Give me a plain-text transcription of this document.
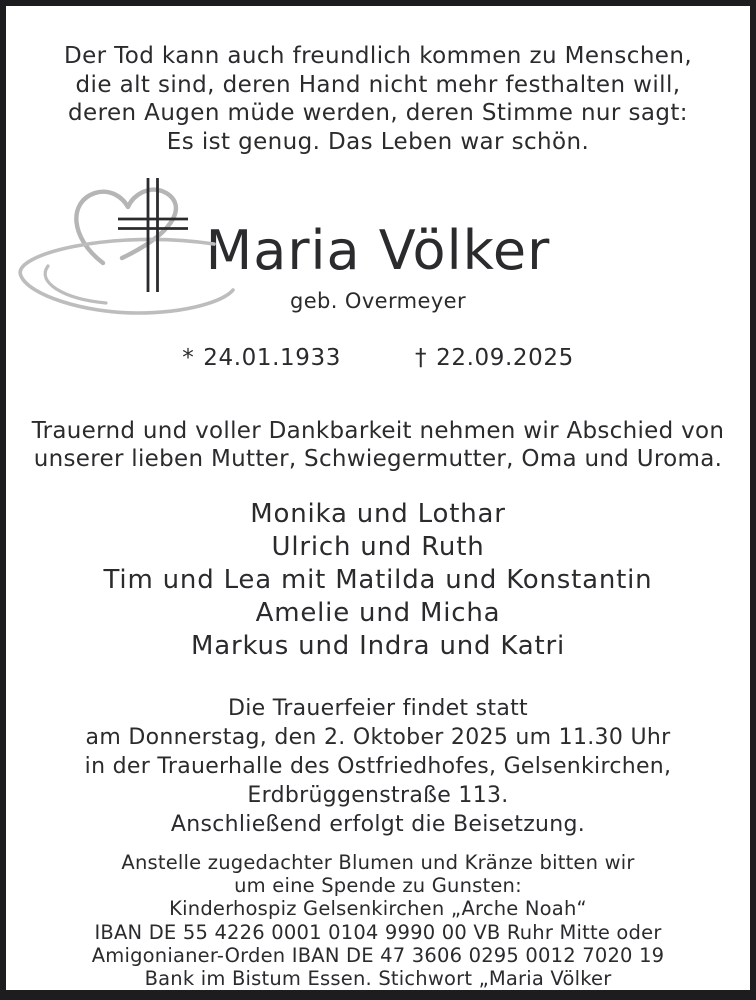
Der Tod kann auch freundlich kommen zu Menschen,
die alt sind, deren Hand nicht mehr festhalten will,
deren Augen müde werden, deren Stimme nur sagt:
Es ist genug. Das Leben war schön.
Maria Völker
geb. Overmeyer
* 24.01.1933	† 22.09.2025
Trauernd und voller Dankbarkeit nehmen wir Abschied von
unserer lieben Mutter, Schwiegermutter, Oma und Uroma.
Monika und Lothar
Ulrich und Ruth
Tim und Lea mit Matilda und Konstantin
Amelie und Micha
Markus und Indra und Katri
Die Trauerfeier findet statt
am Donnerstag, den 2. Oktober 2025 um 11.30 Uhr
in der Trauerhalle des Ostfriedhofes, Gelsenkirchen,
Erdbrüggenstraße 113.
Anschließend erfolgt die Beisetzung.
Anstelle zugedachter Blumen und Kränze bitten wir
um eine Spende zu Gunsten:
Kinderhospiz Gelsenkirchen „Arche Noah“
IBAN DE 55 4226 0001 0104 9990 00 VB Ruhr Mitte oder
Amigonianer-Orden IBAN DE 47 3606 0295 0012 7020 19
Bank im Bistum Essen. Stichwort „Maria Völker
